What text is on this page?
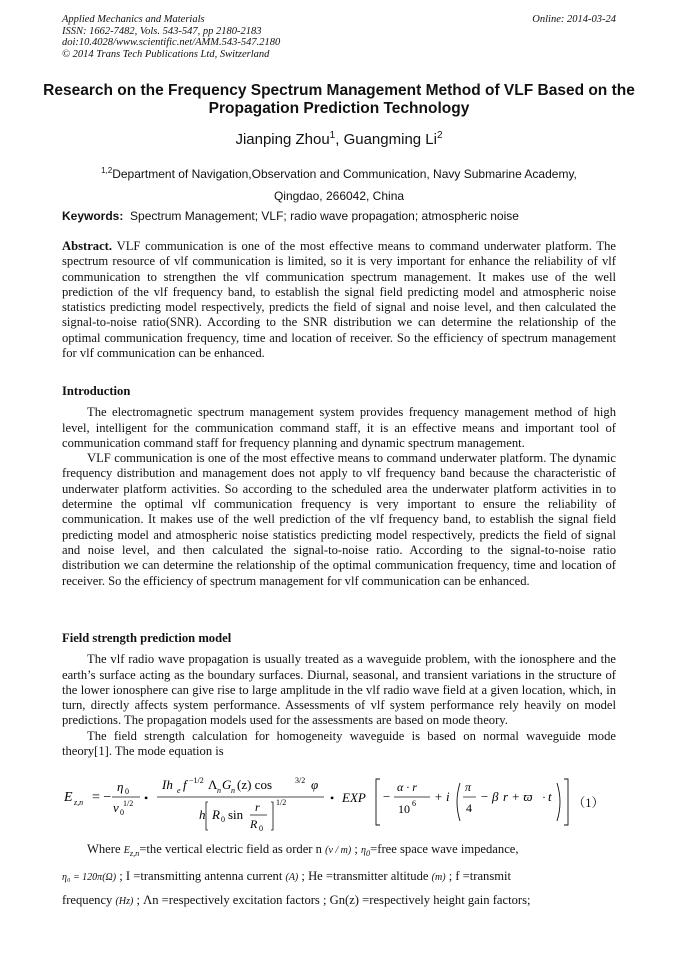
Applied Mechanics and Materials
ISSN: 1662-7482, Vols. 543-547, pp 2180-2183
doi:10.4028/www.scientific.net/AMM.543-547.2180
© 2014 Trans Tech Publications Ltd, Switzerland
Online: 2014-03-24
Research on the Frequency Spectrum Management Method of VLF Based on the Propagation Prediction Technology
Jianping Zhou$^1$, Guangming Li$^2$
$^{1,2}$Department of Navigation,Observation and Communication, Navy Submarine Academy,
Qingdao, 266042, China
Keywords: Spectrum Management; VLF; radio wave propagation; atmospheric noise

Abstract. VLF communication is one of the most effective means to command underwater platform. The spectrum resource of vlf communication is limited, so it is very important for enhance the reliability of vlf communication to strengthen the vlf communication spectrum management. It makes use of the well prediction of the vlf frequency band, to establish the signal field predicting model and atmospheric noise statistics predicting model respectively, predicts the field of signal and noise level, and then calculated the signal-to-noise ratio(SNR). According to the SNR distribution we can determine the relationship of the optimal communication frequency, time and location of receiver. So the efficiency of spectrum management for vlf communication can be enhanced.

Introduction

The electromagnetic spectrum management system provides frequency management method of high level, intelligent for the communication command staff, it is an effective means and important tool of communication command staff for frequency planning and dynamic spectrum management.

VLF communication is one of the most effective means to command underwater platform. The dynamic frequency distribution and management does not apply to vlf frequency band because the characteristic of underwater platform activities. So according to the scheduled area the underwater platform activities in to determine the optimal vlf communication frequency is very important to ensure the reliability of communication. It makes use of the well prediction of the vlf frequency band, to establish the signal field predicting model and atmospheric noise statistics predicting model respectively, predicts the field of signal and noise level, and then calculated the signal-to-noise ratio. According to the signal-to-noise ratio distribution we can determine the relationship of the optimal communication frequency, time and location of receiver. So the efficiency of spectrum management for vlf communication can be enhanced.

Field strength prediction model

The vlf radio wave propagation is usually treated as a waveguide problem, with the ionosphere and the earth’s surface acting as the boundary surfaces. Diurnal, seasonal, and transient variations in the structure of the lower ionosphere can give rise to large amplitude in the vlf radio wave field at a given location, which, in turn, directly affects system performance. Assessments of vlf system performance rely heavily on model predictions. The propagation models used for the assessments are based on mode theory.

The field strength calculation for homogeneity waveguide is based on normal waveguide mode theory[1]. The mode equation is

E z,n = −
η 0
ν 0
1/2 •
Ih e f −1/2 Λ n G n (z) cos	3/2 φ
h R 0 sin r
R 0
1/2	• EXP −
α · r
10 6 + i
π
4
− β r + ϖ · t （1）
Where $E_{z,n}=the$ vertical electric field as order n (v / m) ; $\eta_0=free$ space wave impedance,
η₀ = 120π(Ω) ; I =transmitting antenna current (A) ; He =transmitter altitude (m) ; f =transmit
frequency (Hz) ; Λn =respectively excitation factors ; Gn(z) =respectively height gain factors;
